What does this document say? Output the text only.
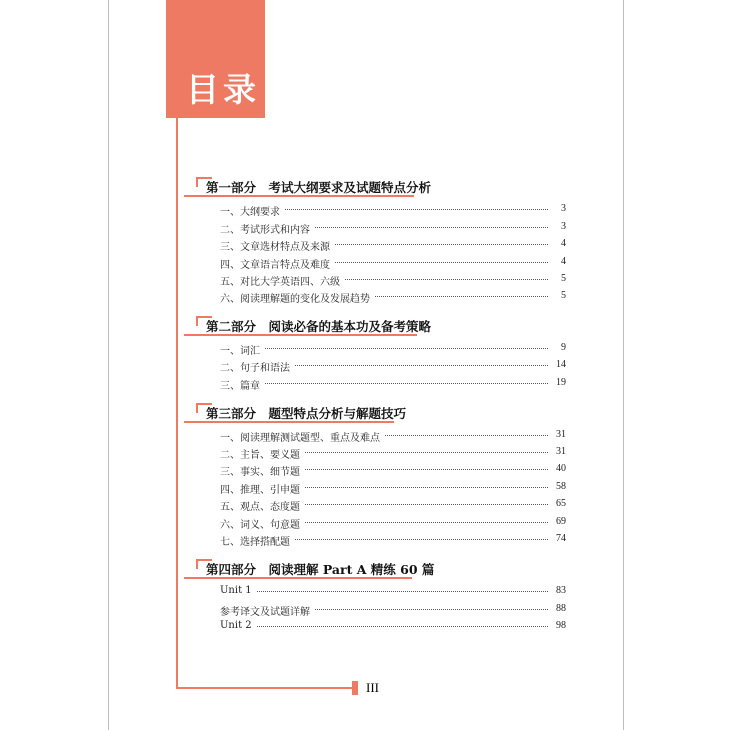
目录
III
第一部分　考试大纲要求及试题特点分析
一、大纲要求	3
二、考试形式和内容	3
三、文章选材特点及来源	4
四、文章语言特点及难度	4
五、对比大学英语四、六级	5
六、阅读理解题的变化及发展趋势	5
第二部分　阅读必备的基本功及备考策略
一、词汇	9
二、句子和语法	14
三、篇章	19
第三部分　题型特点分析与解题技巧
一、阅读理解测试题型、重点及难点	31
二、主旨、要义题	31
三、事实、细节题	40
四、推理、引申题	58
五、观点、态度题	65
六、词义、句意题	69
七、选择搭配题	74
第四部分　阅读理解 Part A 精练 60 篇
Unit 1	83
参考译文及试题详解	88
Unit 2	98
